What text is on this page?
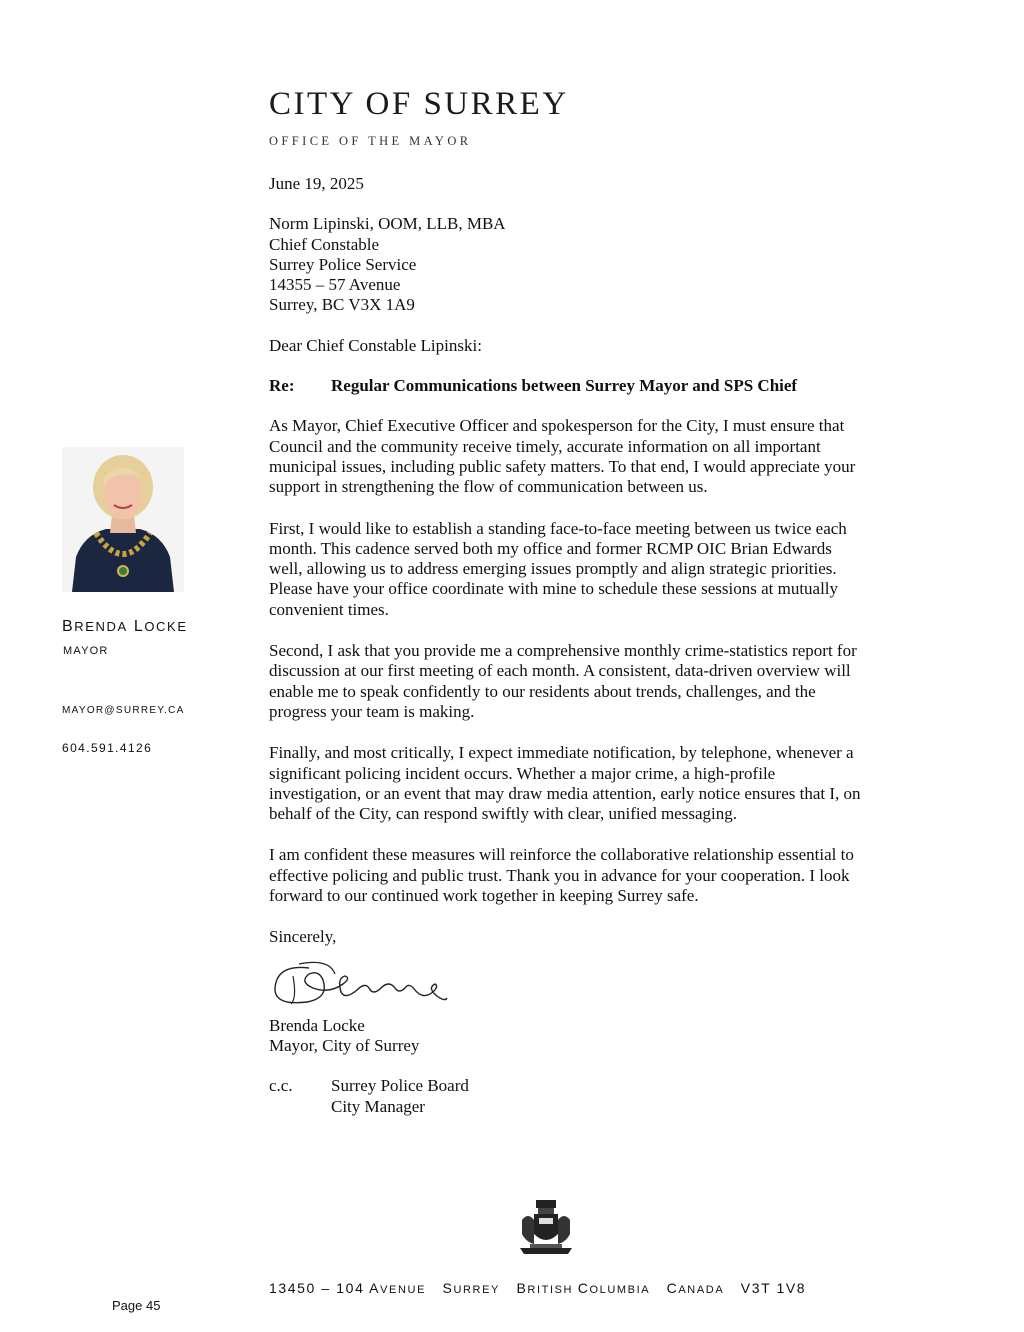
CITY OF SURREY
OFFICE OF THE MAYOR
BRENDA LOCKE
MAYOR
MAYOR@SURREY.CA
604.591.4126

June 19, 2025

Norm Lipinski, OOM, LLB, MBA
Chief Constable
Surrey Police Service
14355 – 57 Avenue
Surrey, BC V3X 1A9

Dear Chief Constable Lipinski:

Re: Regular Communications between Surrey Mayor and SPS Chief

As Mayor, Chief Executive Officer and spokesperson for the City, I must ensure that Council and the community receive timely, accurate information on all important municipal issues, including public safety matters. To that end, I would appreciate your support in strengthening the flow of communication between us.

First, I would like to establish a standing face-to-face meeting between us twice each month. This cadence served both my office and former RCMP OIC Brian Edwards well, allowing us to address emerging issues promptly and align strategic priorities. Please have your office coordinate with mine to schedule these sessions at mutually convenient times.

Second, I ask that you provide me a comprehensive monthly crime-statistics report for discussion at our first meeting of each month. A consistent, data-driven overview will enable me to speak confidently to our residents about trends, challenges, and the progress your team is making.

Finally, and most critically, I expect immediate notification, by telephone, whenever a significant policing incident occurs. Whether a major crime, a high-profile investigation, or an event that may draw media attention, early notice ensures that I, on behalf of the City, can respond swiftly with clear, unified messaging.

I am confident these measures will reinforce the collaborative relationship essential to effective policing and public trust. Thank you in advance for your cooperation. I look forward to our continued work together in keeping Surrey safe.

Sincerely,

Brenda Locke
Mayor, City of Surrey
c.c.	Surrey Police Board
City Manager
13450 – 104 AVENUE SURREY BRITISH COLUMBIA CANADA V3T 1V8
Page 45
